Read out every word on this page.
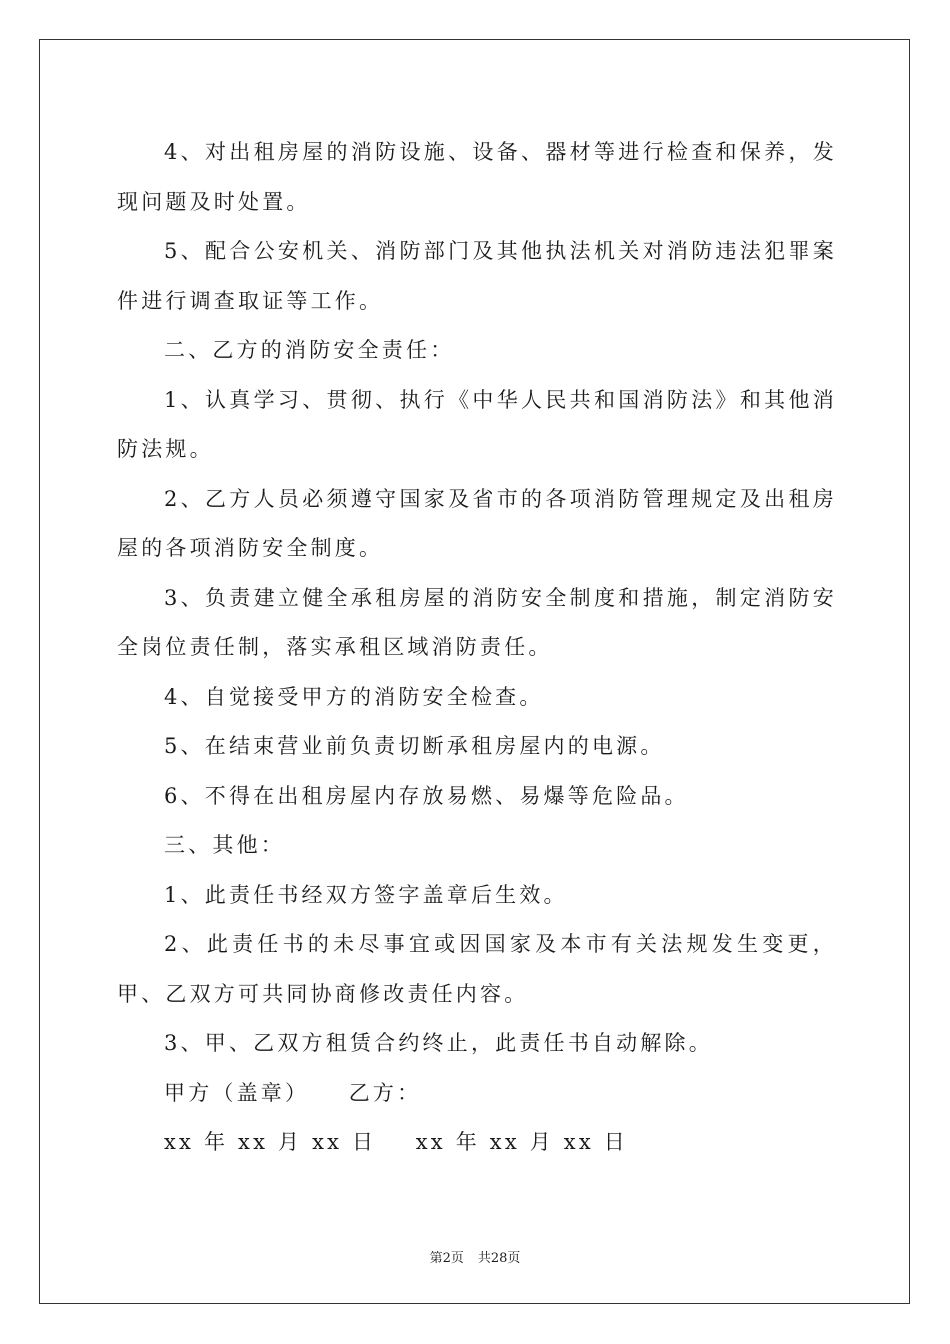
4、对出租房屋的消防设施、设备、器材等进行检查和保养，发现问题及时处置。

5、配合公安机关、消防部门及其他执法机关对消防违法犯罪案件进行调查取证等工作。

二、乙方的消防安全责任：

1、认真学习、贯彻、执行《中华人民共和国消防法》和其他消防法规。

2、乙方人员必须遵守国家及省市的各项消防管理规定及出租房屋的各项消防安全制度。

3、负责建立健全承租房屋的消防安全制度和措施，制定消防安全岗位责任制，落实承租区域消防责任。

4、自觉接受甲方的消防安全检查。

5、在结束营业前负责切断承租房屋内的电源。

6、不得在出租房屋内存放易燃、易爆等危险品。

三、其他：

1、此责任书经双方签字盖章后生效。

2、此责任书的未尽事宜或因国家及本市有关法规发生变更，甲、乙双方可共同协商修改责任内容。

3、甲、乙双方租赁合约终止，此责任书自动解除。

甲方（盖章）    乙方：

xx 年 xx 月 xx 日    xx 年 xx 月 xx 日

第2页 共28页
